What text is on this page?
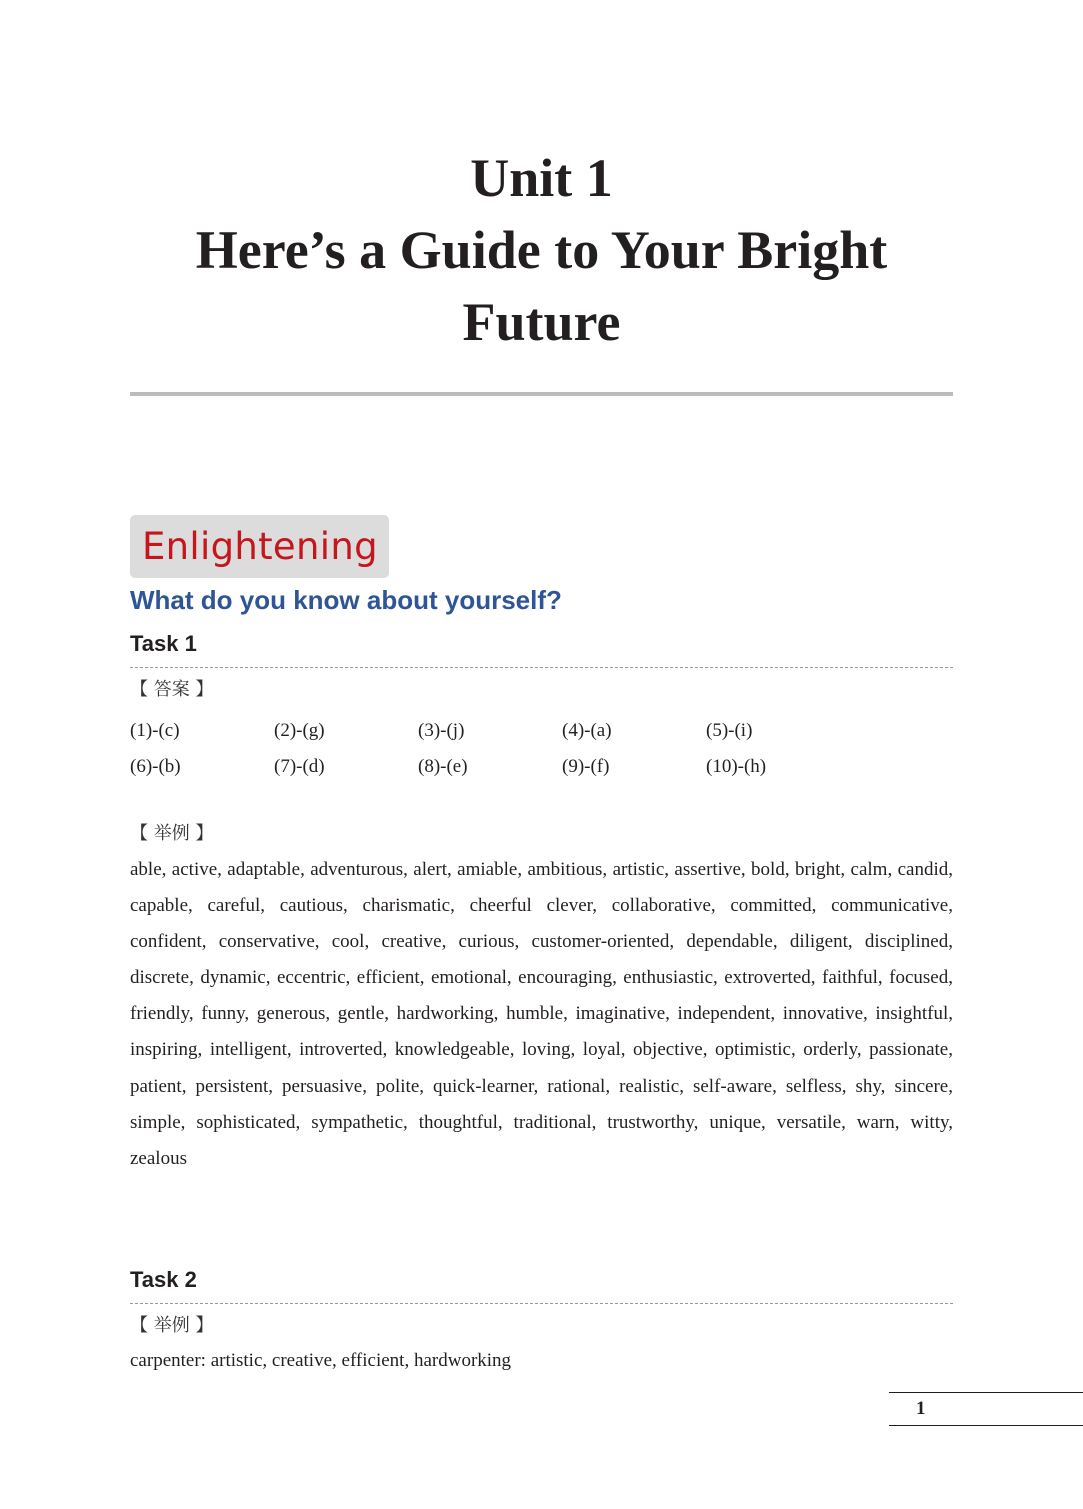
Unit 1
Here’s a Guide to Your Bright
Future
Enlightening
What do you know about yourself?
Task 1
【 答案 】
(1)-(c)	(2)-(g)	(3)-(j)	(4)-(a)	(5)-(i)
(6)-(b)	(7)-(d)	(8)-(e)	(9)-(f)	(10)-(h)
【 举例 】
able, active, adaptable, adventurous, alert, amiable, ambitious, artistic, assertive, bold, bright, calm, candid, capable, careful, cautious, charismatic, cheerful clever, collaborative, committed, communicative, confident, conservative, cool, creative, curious, customer-oriented, dependable, diligent, disciplined, discrete, dynamic, eccentric, efficient, emotional, encouraging, enthusiastic, extroverted, faithful, focused, friendly, funny, generous, gentle, hardworking, humble, imaginative, independent, innovative, insightful, inspiring, intelligent, introverted, knowledgeable, loving, loyal, objective, optimistic, orderly, passionate, patient, persistent, persuasive, polite, quick-learner, rational, realistic, self-aware, selfless, shy, sincere, simple, sophisticated, sympathetic, thoughtful, traditional, trustworthy, unique, versatile, warn, witty, zealous
Task 2
【 举例 】
carpenter: artistic, creative, efficient, hardworking
1
